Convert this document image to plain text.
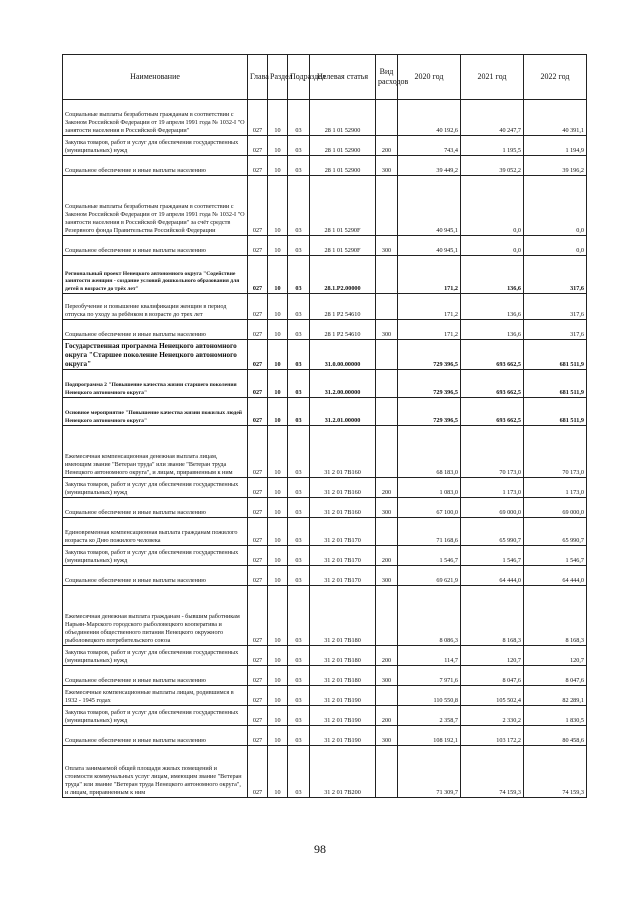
Наименование	Глава	Раздел	Подраздел	Целевая статья	Вид расходов	2020 год	2021 год	2022 год
Социальные выплаты безработным гражданам в соответствии с Законом Российской Федерации от 19 апреля 1991 года № 1032-I "О занятости населения в Российской Федерации"	027	10	03	28 1 01 52900		40 192,6	40 247,7	40 391,1
Закупка товаров, работ и услуг для обеспечения государственных (муниципальных) нужд	027	10	03	28 1 01 52900	200	743,4	1 195,5	1 194,9
Социальное обеспечение и иные выплаты населению	027	10	03	28 1 01 52900	300	39 449,2	39 052,2	39 196,2
Социальные выплаты безработным гражданам в соответствии с Законом Российской Федерации от 19 апреля 1991 года № 1032-I "О занятости населения в Российской Федерации" за счёт средств Резервного фонда Правительства Российской Федерации	027	10	03	28 1 01 5290F		40 945,1	0,0	0,0
Социальное обеспечение и иные выплаты населению	027	10	03	28 1 01 5290F	300	40 945,1	0,0	0,0
Региональный проект Ненецкого автономного округа "Содействие занятости женщин - создание условий дошкольного образования для детей в возрасте до трёх лет"	027	10	03	28.1.P2.00000		171,2	136,6	317,6
Переобучение и повышение квалификации женщин в период отпуска по уходу за ребёнком в возрасте до трех лет	027	10	03	28 1 P2 54610		171,2	136,6	317,6
Социальное обеспечение и иные выплаты населению	027	10	03	28 1 P2 54610	300	171,2	136,6	317,6
Государственная программа Ненецкого автономного округа "Старшее поколение Ненецкого автономного округа"	027	10	03	31.0.00.00000		729 396,5	693 662,5	681 511,9
Подпрограмма 2 "Повышение качества жизни старшего поколения Ненецкого автономного округа"	027	10	03	31.2.00.00000		729 396,5	693 662,5	681 511,9
Основное мероприятие "Повышение качества жизни пожилых людей Ненецкого автономного округа"	027	10	03	31.2.01.00000		729 396,5	693 662,5	681 511,9
Ежемесячная компенсационная денежная выплата лицам, имеющим звание "Ветеран труда" или звание "Ветеран труда Ненецкого автономного округа", и лицам, приравненным к ним	027	10	03	31 2 01 7В160		68 183,0	70 173,0	70 173,0
Закупка товаров, работ и услуг для обеспечения государственных (муниципальных) нужд	027	10	03	31 2 01 7В160	200	1 083,0	1 173,0	1 173,0
Социальное обеспечение и иные выплаты населению	027	10	03	31 2 01 7В160	300	67 100,0	69 000,0	69 000,0
Единовременная компенсационная выплата гражданам пожилого возраста ко Дню пожилого человека	027	10	03	31 2 01 7В170		71 168,6	65 990,7	65 990,7
Закупка товаров, работ и услуг для обеспечения государственных (муниципальных) нужд	027	10	03	31 2 01 7В170	200	1 546,7	1 546,7	1 546,7
Социальное обеспечение и иные выплаты населению	027	10	03	31 2 01 7В170	300	69 621,9	64 444,0	64 444,0
Ежемесячная денежная выплата гражданам - бывшим работникам Нарьян-Марского городского рыболовецкого кооператива и объединения общественного питания Ненецкого окружного рыболовецкого потребительского союза	027	10	03	31 2 01 7В180		8 086,3	8 168,3	8 168,3
Закупка товаров, работ и услуг для обеспечения государственных (муниципальных) нужд	027	10	03	31 2 01 7В180	200	114,7	120,7	120,7
Социальное обеспечение и иные выплаты населению	027	10	03	31 2 01 7В180	300	7 971,6	8 047,6	8 047,6
Ежемесячные компенсационные выплаты лицам, родившимся в 1932 - 1945 годах	027	10	03	31 2 01 7В190		110 550,8	105 502,4	82 289,1
Закупка товаров, работ и услуг для обеспечения государственных (муниципальных) нужд	027	10	03	31 2 01 7В190	200	2 358,7	2 330,2	1 830,5
Социальное обеспечение и иные выплаты населению	027	10	03	31 2 01 7В190	300	108 192,1	103 172,2	80 458,6
Оплата занимаемой общей площади жилых помещений и стоимости коммунальных услуг лицам, имеющим звание "Ветеран труда" или звание "Ветеран труда Ненецкого автономного округа", и лицам, приравненным к ним	027	10	03	31 2 01 7В200		71 309,7	74 159,3	74 159,3
98
